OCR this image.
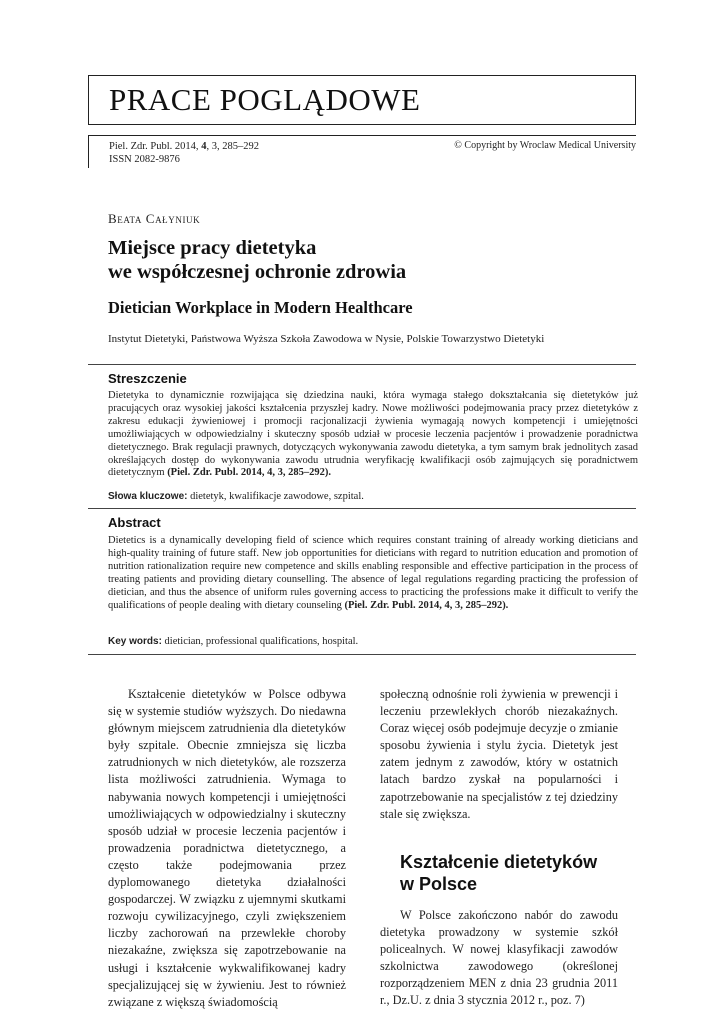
PRACE POGLĄDOWE
Piel. Zdr. Publ. 2014, 4, 3, 285–292
ISSN 2082-9876
© Copyright by Wroclaw Medical University
Beata Całyniuk
Miejsce pracy dietetyka
we współczesnej ochronie zdrowia
Dietician Workplace in Modern Healthcare
Instytut Dietetyki, Państwowa Wyższa Szkoła Zawodowa w Nysie, Polskie Towarzystwo Dietetyki
Streszczenie
Dietetyka to dynamicznie rozwijająca się dziedzina nauki, która wymaga stałego dokształcania się dietetyków już pracujących oraz wysokiej jakości kształcenia przyszłej kadry. Nowe możliwości podejmowania pracy przez dietetyków z zakresu edukacji żywieniowej i promocji racjonalizacji żywienia wymagają nowych kompetencji i umiejętności umożliwiających w odpowiedzialny i skuteczny sposób udział w procesie leczenia pacjentów i prowadzenie poradnictwa dietetycznego. Brak regulacji prawnych, dotyczących wykonywania zawodu dietetyka, a tym samym brak jednolitych zasad określających dostęp do wykonywania zawodu utrudnia weryfikację kwalifikacji osób zajmujących się poradnictwem dietetycznym (Piel. Zdr. Publ. 2014, 4, 3, 285–292).
Słowa kluczowe: dietetyk, kwalifikacje zawodowe, szpital.
Abstract
Dietetics is a dynamically developing field of science which requires constant training of already working dieticians and high-quality training of future staff. New job opportunities for dieticians with regard to nutrition education and promotion of nutrition rationalization require new competence and skills enabling responsible and effective participation in the process of treating patients and providing dietary counselling. The absence of legal regulations regarding practicing the profession of dietician, and thus the absence of uniform rules governing access to practicing the professions make it difficult to verify the qualifications of people dealing with dietary counseling (Piel. Zdr. Publ. 2014, 4, 3, 285–292).
Key words: dietician, professional qualifications, hospital.

Kształcenie dietetyków w Polsce odbywa się w systemie studiów wyższych. Do niedawna głównym miejscem zatrudnienia dla dietetyków były szpitale. Obecnie zmniejsza się liczba zatrudnionych w nich dietetyków, ale rozszerza lista możliwości zatrudnienia. Wymaga to nabywania nowych kompetencji i umiejętności umożliwiających w odpowiedzialny i skuteczny sposób udział w procesie leczenia pacjentów i prowadzenia poradnictwa dietetycznego, a często także podejmowania przez dyplomowanego dietetyka działalności gospodarczej. W związku z ujemnymi skutkami rozwoju cywilizacyjnego, czyli zwiększeniem liczby zachorowań na przewlekłe choroby niezakaźne, zwiększa się zapotrzebowanie na usługi i kształcenie wykwalifikowanej kadry specjalizującej się w żywieniu. Jest to również związane z większą świadomością

społeczną odnośnie roli żywienia w prewencji i leczeniu przewlekłych chorób niezakaźnych. Coraz więcej osób podejmuje decyzje o zmianie sposobu żywienia i stylu życia. Dietetyk jest zatem jednym z zawodów, który w ostatnich latach bardzo zyskał na popularności i zapotrzebowanie na specjalistów z tej dziedziny stale się zwiększa.

Kształcenie dietetyków
w Polsce

W Polsce zakończono nabór do zawodu dietetyka prowadzony w systemie szkół policealnych. W nowej klasyfikacji zawodów szkolnictwa zawodowego (określonej rozporządzeniem MEN z dnia 23 grudnia 2011 r., Dz.U. z dnia 3 stycznia 2012 r., poz. 7)
